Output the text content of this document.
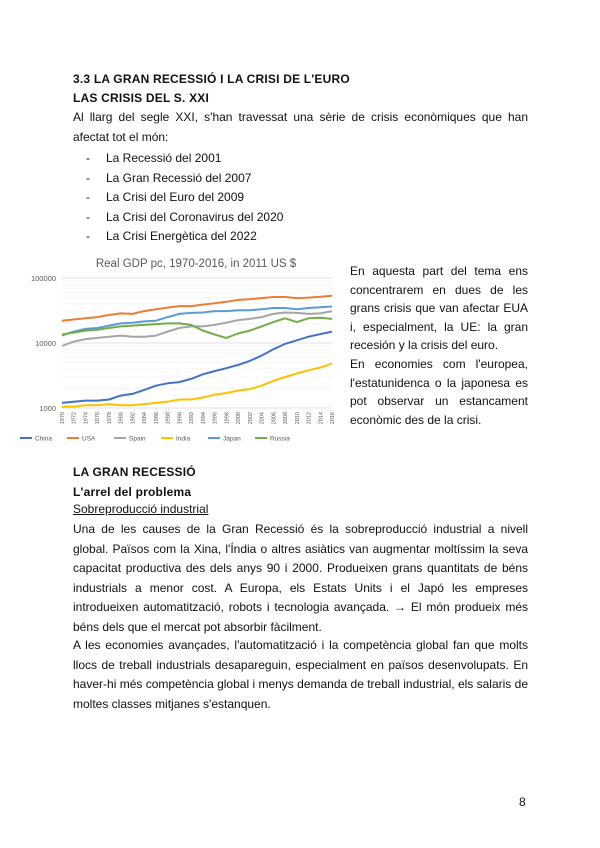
3.3 LA GRAN RECESSIÓ I LA CRISI DE L'EURO
LAS CRISIS DEL S. XXI
Al llarg del segle XXI, s'han travessat una sèrie de crisis econòmiques que han afectat tot el món:
- La Recessió del 2001
- La Gran Recessió del 2007
- La Crisi del Euro del 2009
- La Crisi del Coronavirus del 2020
- La Crisi Energètica del 2022
Real GDP pc, 1970-2016, in 2011 US $
100000
10000
1000
1970 1972 1974 1976 1978 1980 1982 1984 1986 1988 1990 1992 1994 1996 1998 2000 2002 2004 2006 2008 2010 2012 2014 2016
China	USA	Spain	India	Japan	Russia
En aquesta part del tema ens concentrarem en dues de les grans crisis que van afectar EUA i, especialment, la UE: la gran recesión y la crisis del euro.
En economies com l'europea, l'estatunidenca o la japonesa es pot observar un estancament econòmic des de la crisi.
LA GRAN RECESSIÓ
L'arrel del problema
Sobreproducció industrial
Una de les causes de la Gran Recessió és la sobreproducció industrial a nivell global. Països com la Xina, l'Índia o altres asiàtics van augmentar moltíssim la seva capacitat productiva des dels anys 90 i 2000. Produeixen grans quantitats de béns industrials a menor cost. A Europa, els Estats Units i el Japó les empreses introdueixen automatització, robots i tecnologia avançada. → El món produeix més béns dels que el mercat pot absorbir fàcilment.
A les economies avançades, l'automatització i la competència global fan que molts llocs de treball industrials desapareguin, especialment en països desenvolupats. En haver-hi més competència global i menys demanda de treball industrial, els salaris de moltes classes mitjanes s'estanquen.
8
